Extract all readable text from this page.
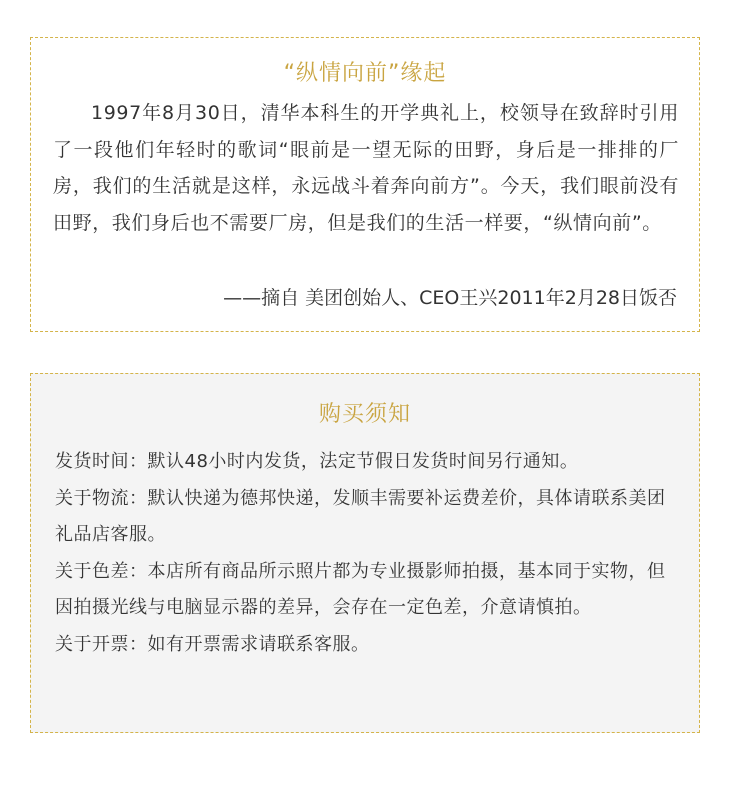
“纵情向前”缘起

1997年8月30日，清华本科生的开学典礼上，校领导在致辞时引用了一段他们年轻时的歌词“眼前是一望无际的田野，身后是一排排的厂房，我们的生活就是这样，永远战斗着奔向前方”。今天，我们眼前没有田野，我们身后也不需要厂房，但是我们的生活一样要，“纵情向前”。

——摘自 美团创始人、CEO王兴2011年2月28日饭否
购买须知
发货时间：默认48小时内发货，法定节假日发货时间另行通知。
关于物流：默认快递为德邦快递，发顺丰需要补运费差价，具体请联系美团礼品店客服。
关于色差：本店所有商品所示照片都为专业摄影师拍摄，基本同于实物，但因拍摄光线与电脑显示器的差异，会存在一定色差，介意请慎拍。
关于开票：如有开票需求请联系客服。
